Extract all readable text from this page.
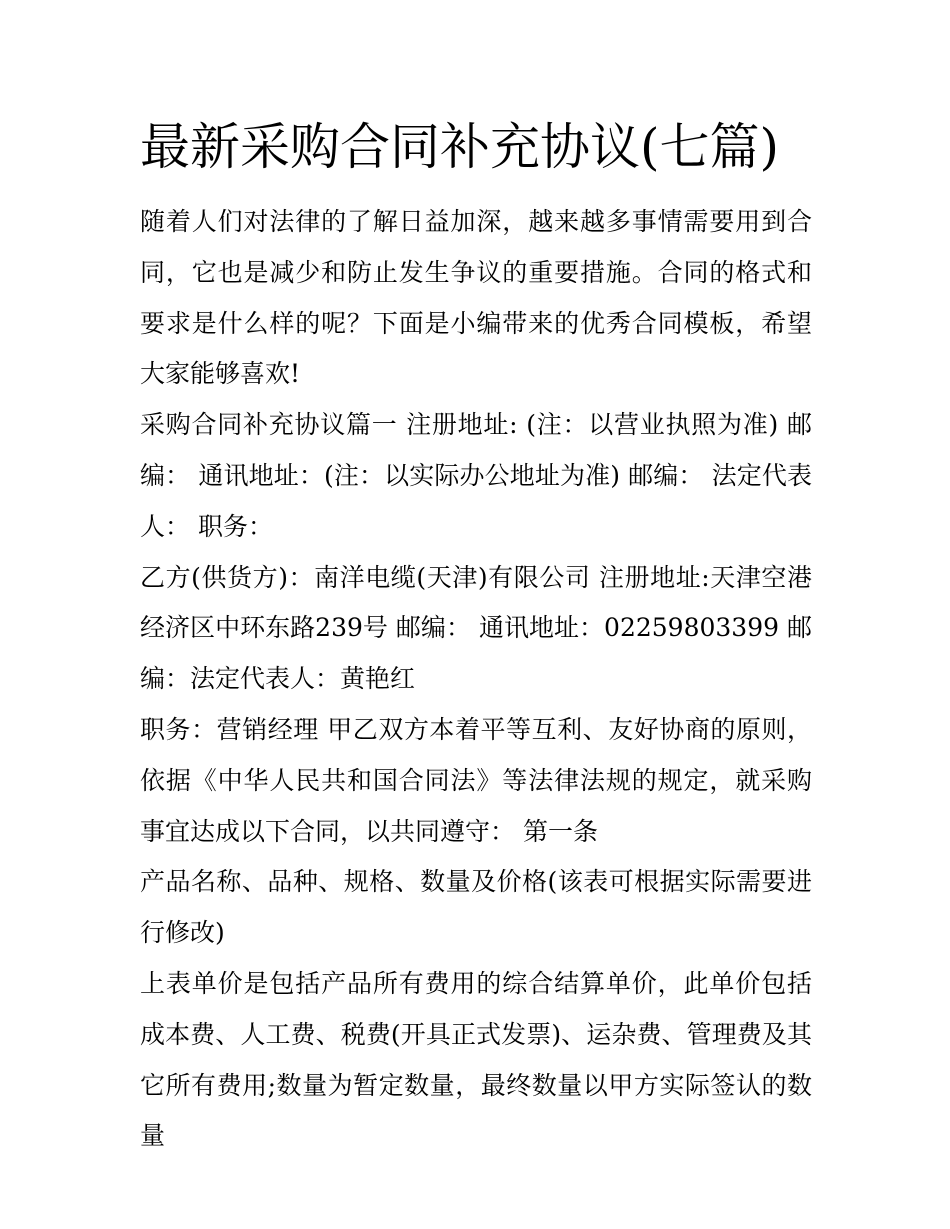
最新采购合同补充协议(七篇)

随着人们对法律的了解日益加深，越来越多事情需要用到合同，它也是减少和防止发生争议的重要措施。合同的格式和要求是什么样的呢？下面是小编带来的优秀合同模板，希望大家能够喜欢!

采购合同补充协议篇一 注册地址: (注：以营业执照为准) 邮编： 通讯地址：(注：以实际办公地址为准) 邮编： 法定代表人： 职务：

乙方(供货方)：南洋电缆(天津)有限公司 注册地址:天津空港经济区中环东路239号 邮编： 通讯地址：02259803399 邮编：法定代表人：黄艳红

职务：营销经理 甲乙双方本着平等互利、友好协商的原则，依据《中华人民共和国合同法》等法律法规的规定，就采购事宜达成以下合同，以共同遵守： 第一条

产品名称、品种、规格、数量及价格(该表可根据实际需要进行修改)

上表单价是包括产品所有费用的综合结算单价，此单价包括成本费、人工费、税费(开具正式发票)、运杂费、管理费及其它所有费用;数量为暂定数量，最终数量以甲方实际签认的数量
